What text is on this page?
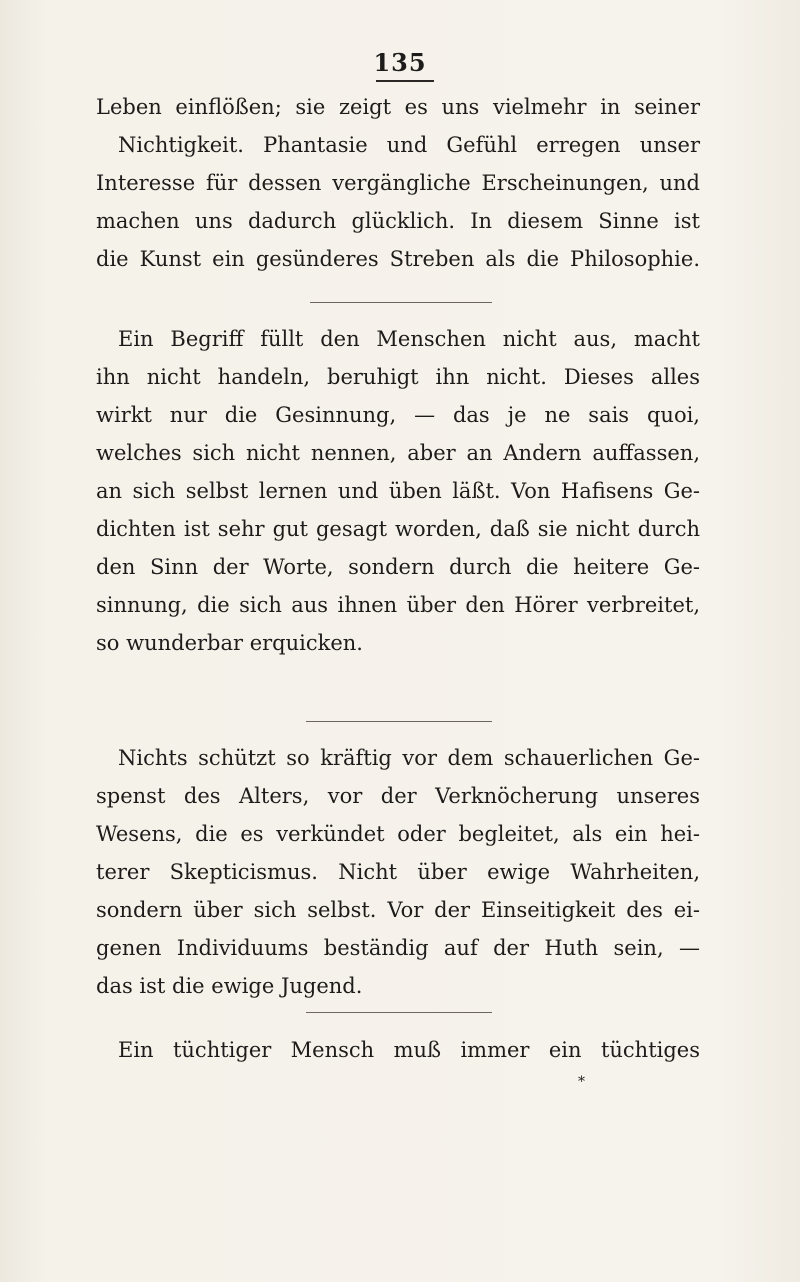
135

Leben einflößen; sie zeigt es uns vielmehr in seiner
Nichtigkeit. Phantasie und Gefühl erregen unser
Interesse für dessen vergängliche Erscheinungen, und
machen uns dadurch glücklich. In diesem Sinne ist
die Kunst ein gesünderes Streben als die Philosophie.

Ein Begriff füllt den Menschen nicht aus, macht
ihn nicht handeln, beruhigt ihn nicht. Dieses alles
wirkt nur die Gesinnung, — das je ne sais quoi,
welches sich nicht nennen, aber an Andern auffassen,
an sich selbst lernen und üben läßt. Von Hafisens Ge-
dichten ist sehr gut gesagt worden, daß sie nicht durch
den Sinn der Worte, sondern durch die heitere Ge-
sinnung, die sich aus ihnen über den Hörer verbreitet,
so wunderbar erquicken.

Nichts schützt so kräftig vor dem schauerlichen Ge-
spenst des Alters, vor der Verknöcherung unseres
Wesens, die es verkündet oder begleitet, als ein hei-
terer Skepticismus. Nicht über ewige Wahrheiten,
sondern über sich selbst. Vor der Einseitigkeit des ei-
genen Individuums beständig auf der Huth sein, —
das ist die ewige Jugend.

Ein tüchtiger Mensch muß immer ein tüchtiges

*
